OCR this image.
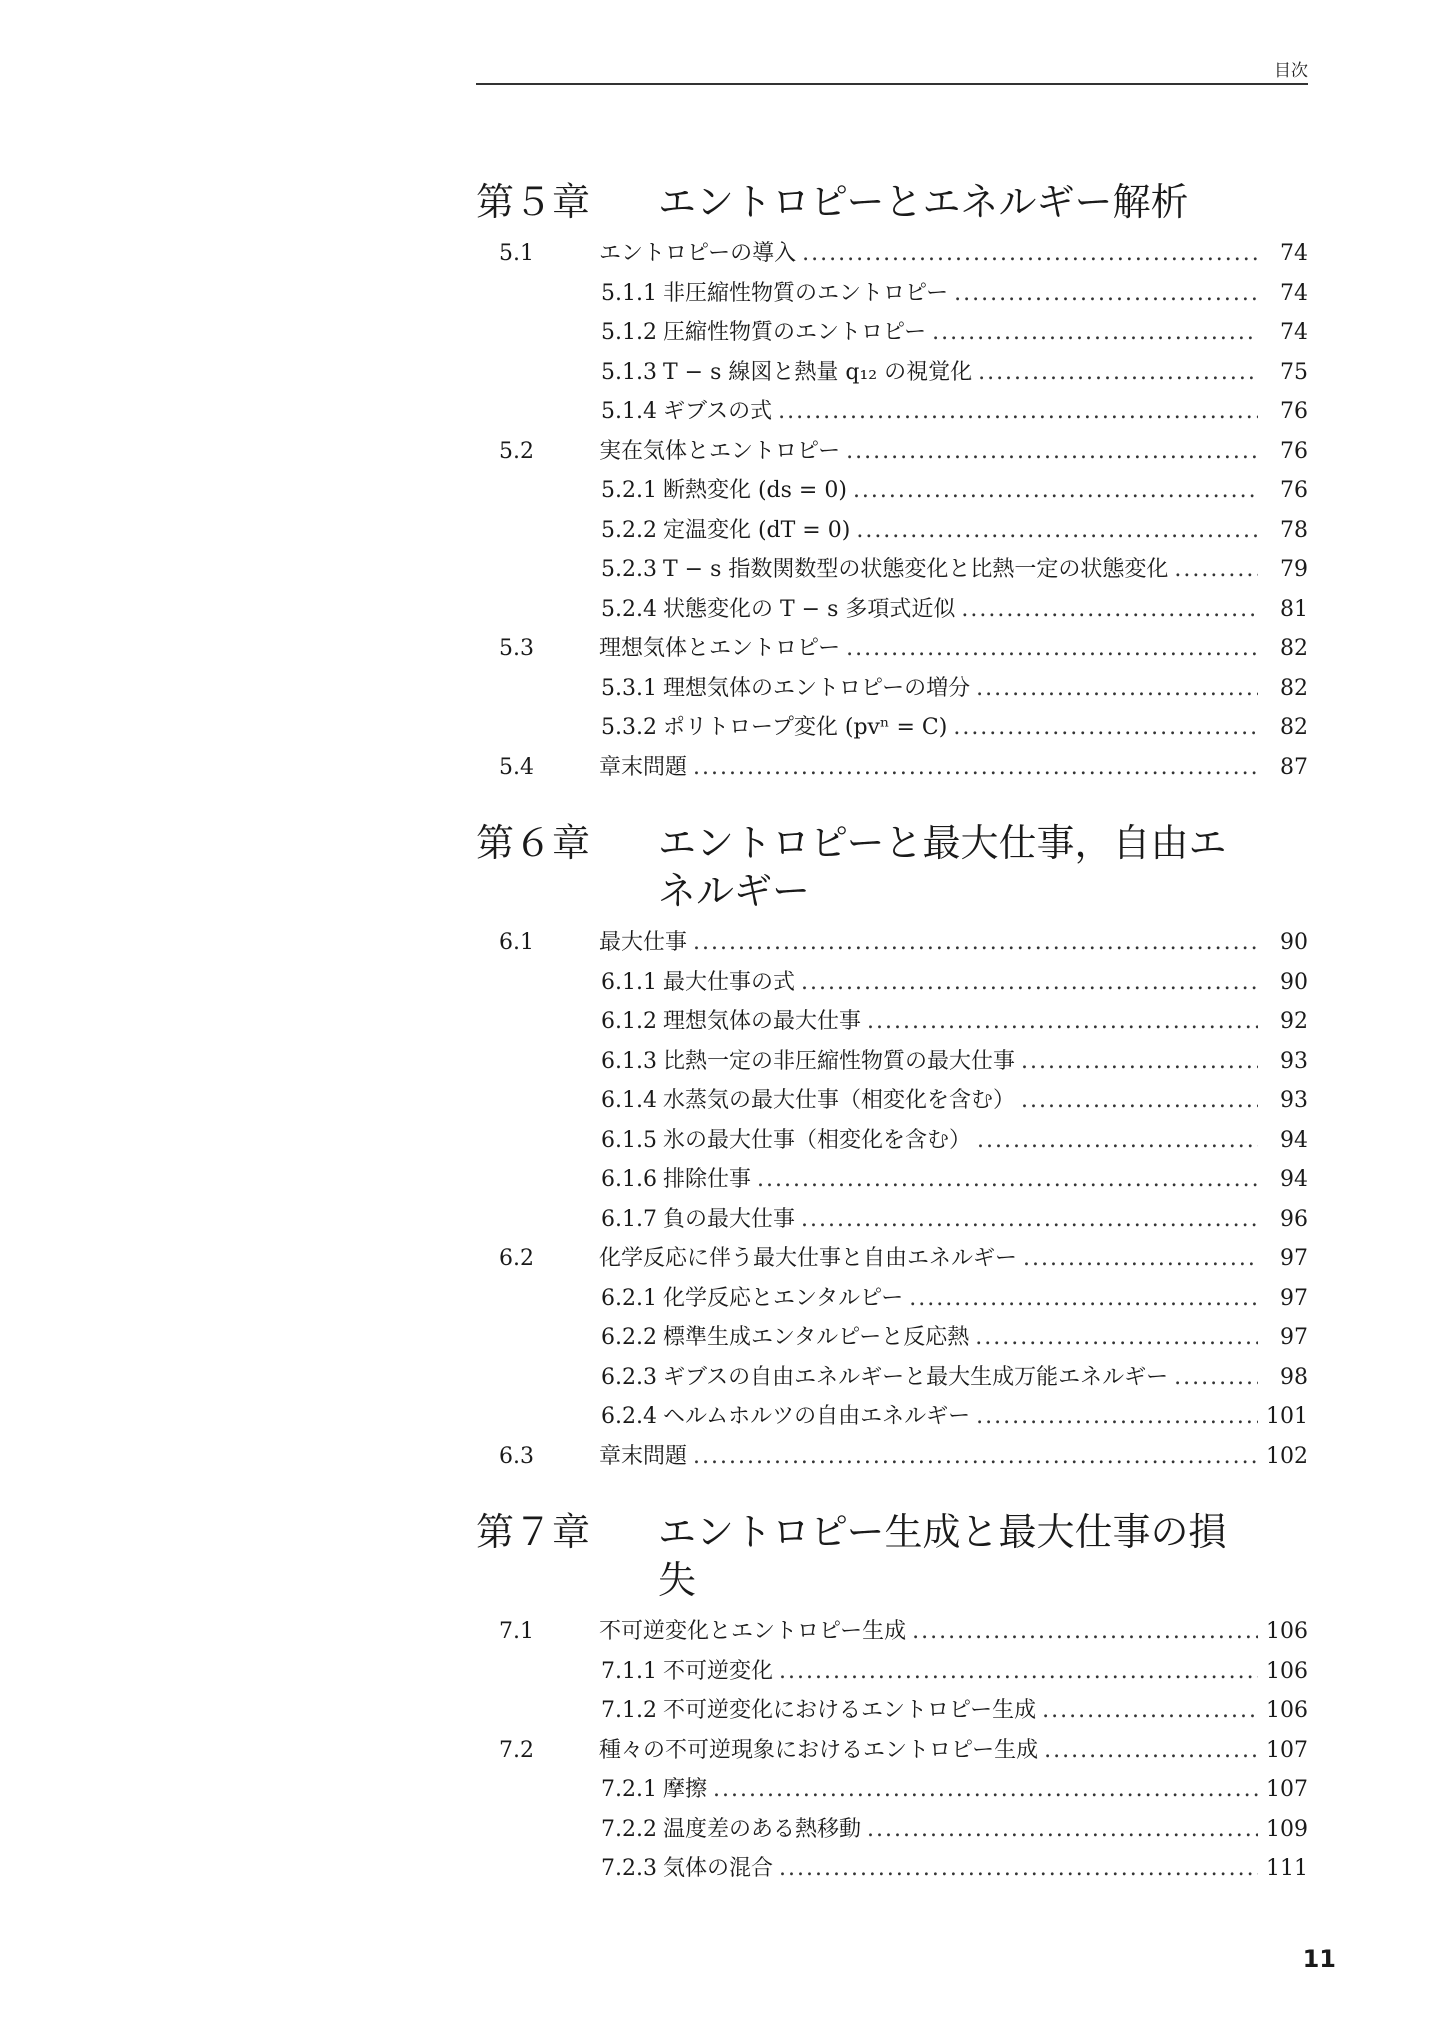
目次
第５章	エントロピーとエネルギー解析
5.1	エントロピーの導入 .....	74
5.1.1 非圧縮性物質のエントロピー .....	74
5.1.2 圧縮性物質のエントロピー .....	74
5.1.3 T − s 線図と熱量 q₁₂ の視覚化 .....	75
5.1.4 ギブスの式 .....	76
5.2	実在気体とエントロピー .....	76
5.2.1 断熱変化 (ds = 0) .....	76
5.2.2 定温変化 (dT = 0) .....	78
5.2.3 T − s 指数関数型の状態変化と比熱一定の状態変化 .....	79
5.2.4 状態変化の T − s 多項式近似 .....	81
5.3	理想気体とエントロピー .....	82
5.3.1 理想気体のエントロピーの増分 .....	82
5.3.2 ポリトロープ変化 (pvⁿ = C) .....	82
5.4	章末問題 .....	87
第６章	エントロピーと最大仕事，自由エネルギー
6.1	最大仕事 .....	90
6.1.1 最大仕事の式 .....	90
6.1.2 理想気体の最大仕事 .....	92
6.1.3 比熱一定の非圧縮性物質の最大仕事 .....	93
6.1.4 水蒸気の最大仕事（相変化を含む） .....	93
6.1.5 氷の最大仕事（相変化を含む） .....	94
6.1.6 排除仕事 .....	94
6.1.7 負の最大仕事 .....	96
6.2	化学反応に伴う最大仕事と自由エネルギー .....	97
6.2.1 化学反応とエンタルピー .....	97
6.2.2 標準生成エンタルピーと反応熱 .....	97
6.2.3 ギブスの自由エネルギーと最大生成万能エネルギー .....	98
6.2.4 ヘルムホルツの自由エネルギー .....	101
6.3	章末問題 .....	102
第７章	エントロピー生成と最大仕事の損失
7.1	不可逆変化とエントロピー生成 .....	106
7.1.1 不可逆変化 .....	106
7.1.2 不可逆変化におけるエントロピー生成 .....	106
7.2	種々の不可逆現象におけるエントロピー生成 .....	107
7.2.1 摩擦 .....	107
7.2.2 温度差のある熱移動 .....	109
7.2.3 気体の混合 .....	111
11
